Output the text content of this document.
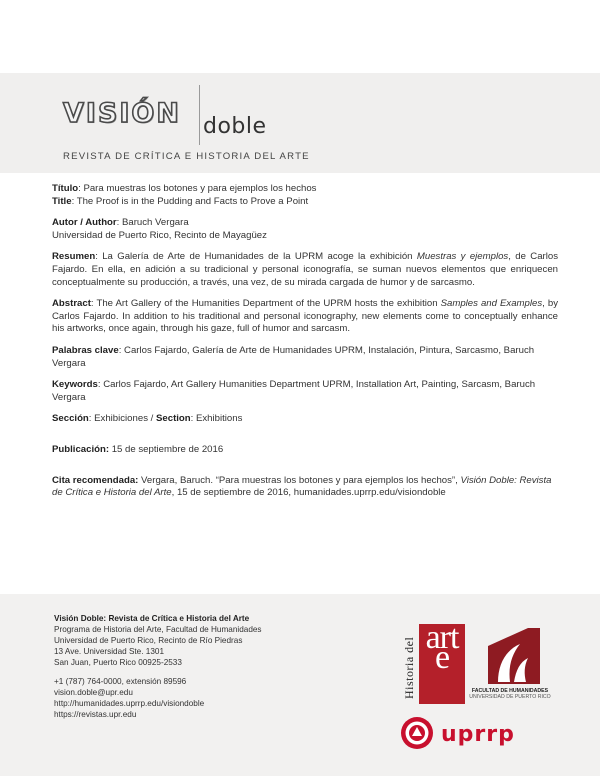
VISIÓN doble
REVISTA DE CRÍTICA E HISTORIA DEL ARTE

Título: Para muestras los botones y para ejemplos los hechos

Title: The Proof is in the Pudding and Facts to Prove a Point

Autor / Author: Baruch Vergara

Universidad de Puerto Rico, Recinto de Mayagüez

Resumen: La Galería de Arte de Humanidades de la UPRM acoge la exhibición Muestras y ejemplos, de Carlos Fajardo. En ella, en adición a su tradicional y personal iconografía, se suman nuevos elementos que enriquecen conceptualmente su producción, a través, una vez, de su mirada cargada de humor y de sarcasmo.

Abstract: The Art Gallery of the Humanities Department of the UPRM hosts the exhibition Samples and Examples, by Carlos Fajardo. In addition to his traditional and personal iconography, new elements come to conceptually enhance his artworks, once again, through his gaze, full of humor and sarcasm.

Palabras clave: Carlos Fajardo, Galería de Arte de Humanidades UPRM, Instalación, Pintura, Sarcasmo, Baruch Vergara

Keywords: Carlos Fajardo, Art Gallery Humanities Department UPRM, Installation Art, Painting, Sarcasm, Baruch Vergara

Sección: Exhibiciones / Section: Exhibitions

Publicación: 15 de septiembre de 2016

Cita recomendada: Vergara, Baruch. “Para muestras los botones y para ejemplos los hechos”, Visión Doble: Revista de Crítica e Historia del Arte, 15 de septiembre de 2016, humanidades.uprrp.edu/visiondoble

Visión Doble: Revista de Crítica e Historia del Arte

Programa de Historia del Arte, Facultad de Humanidades

Universidad de Puerto Rico, Recinto de Río Piedras

13 Ave. Universidad Ste. 1301

San Juan, Puerto Rico 00925-2533

+1 (787) 764-0000, extensión 89596

vision.doble@upr.edu

http://humanidades.uprrp.edu/visiondoble

https://revistas.upr.edu

Historia del arte
FACULTAD DE HUMANIDADES
UNIVERSIDAD DE PUERTO RICO
uprrp
